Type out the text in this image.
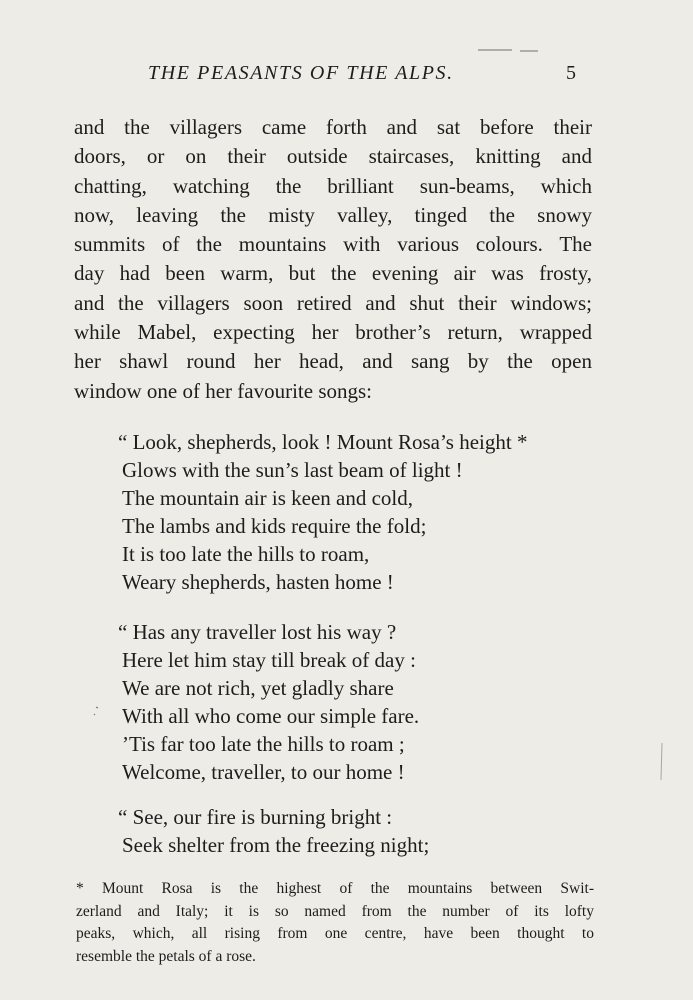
THE PEASANTS OF THE ALPS.	5
and the villagers came forth and sat before their
doors, or on their outside staircases, knitting and
chatting, watching the brilliant sun-beams, which
now, leaving the misty valley, tinged the snowy
summits of the mountains with various colours. The
day had been warm, but the evening air was frosty,
and the villagers soon retired and shut their windows;
while Mabel, expecting her brother’s return, wrapped
her shawl round her head, and sang by the open
window one of her favourite songs:
“ Look, shepherds, look ! Mount Rosa’s height *
Glows with the sun’s last beam of light !
The mountain air is keen and cold,
The lambs and kids require the fold;
It is too late the hills to roam,
Weary shepherds, hasten home !
“ Has any traveller lost his way ?
Here let him stay till break of day :
We are not rich, yet gladly share
With all who come our simple fare.
’Tis far too late the hills to roam ;
Welcome, traveller, to our home !
“ See, our fire is burning bright :
Seek shelter from the freezing night;
* Mount Rosa is the highest of the mountains between Swit-
zerland and Italy; it is so named from the number of its lofty
peaks, which, all rising from one centre, have been thought to
resemble the petals of a rose.
